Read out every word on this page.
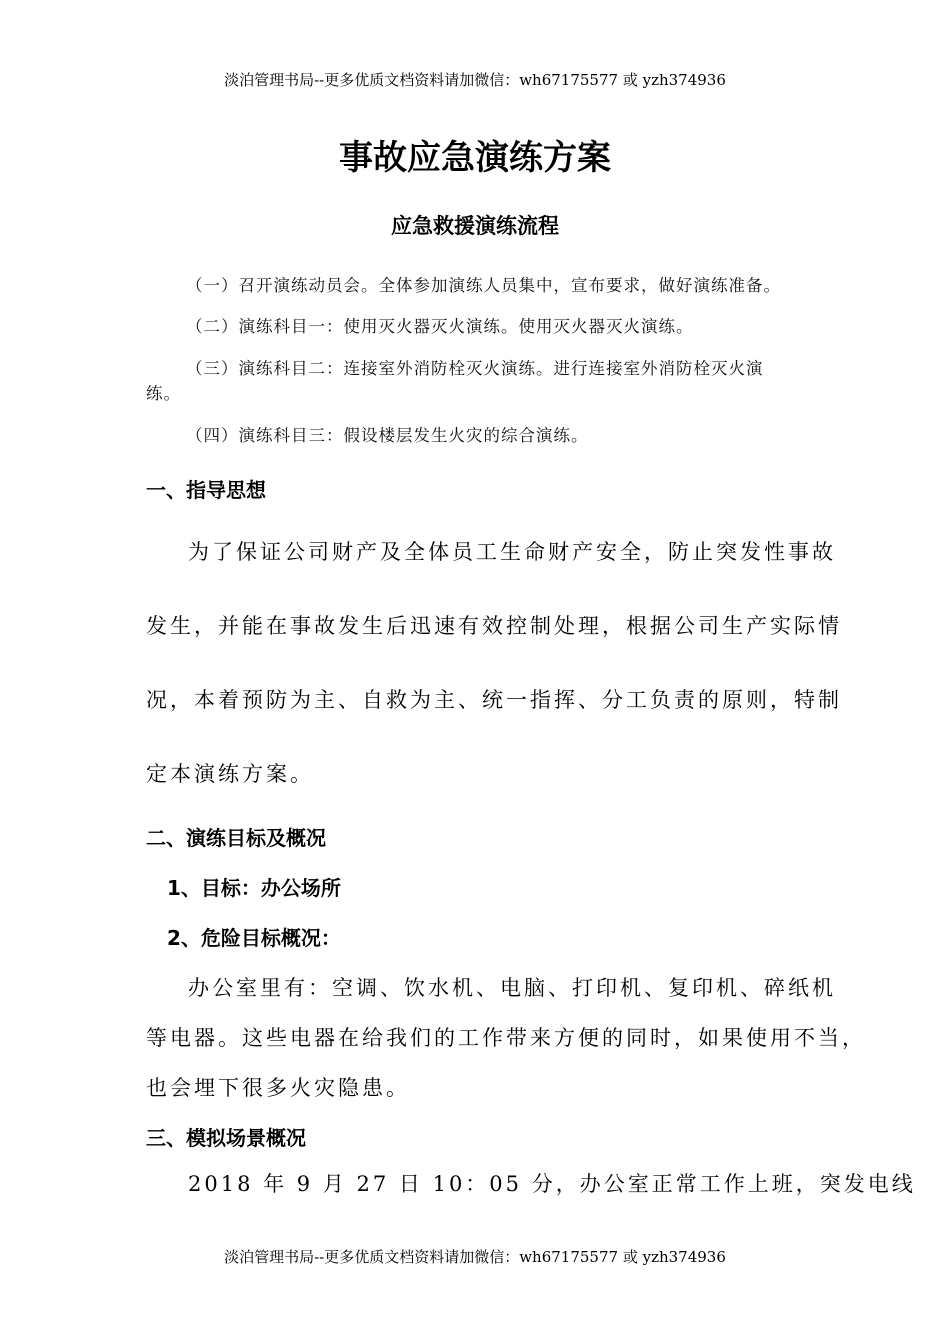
淡泊管理书局--更多优质文档资料请加微信：wh67175577 或 yzh374936
事故应急演练方案
应急救援演练流程
（一）召开演练动员会。全体参加演练人员集中，宣布要求，做好演练准备。
（二）演练科目一：使用灭火器灭火演练。使用灭火器灭火演练。
（三）演练科目二：连接室外消防栓灭火演练。进行连接室外消防栓灭火演
练。
（四）演练科目三：假设楼层发生火灾的综合演练。
一、指导思想
为了保证公司财产及全体员工生命财产安全，防止突发性事故
发生，并能在事故发生后迅速有效控制处理，根据公司生产实际情
况，本着预防为主、自救为主、统一指挥、分工负责的原则，特制
定本演练方案。
二、演练目标及概况
1、目标：办公场所
2、危险目标概况：
办公室里有：空调、饮水机、电脑、打印机、复印机、碎纸机
等电器。这些电器在给我们的工作带来方便的同时，如果使用不当，
也会埋下很多火灾隐患。
三、模拟场景概况
2018 年 9 月 27 日 10：05 分，办公室正常工作上班，突发电线
淡泊管理书局--更多优质文档资料请加微信：wh67175577 或 yzh374936
